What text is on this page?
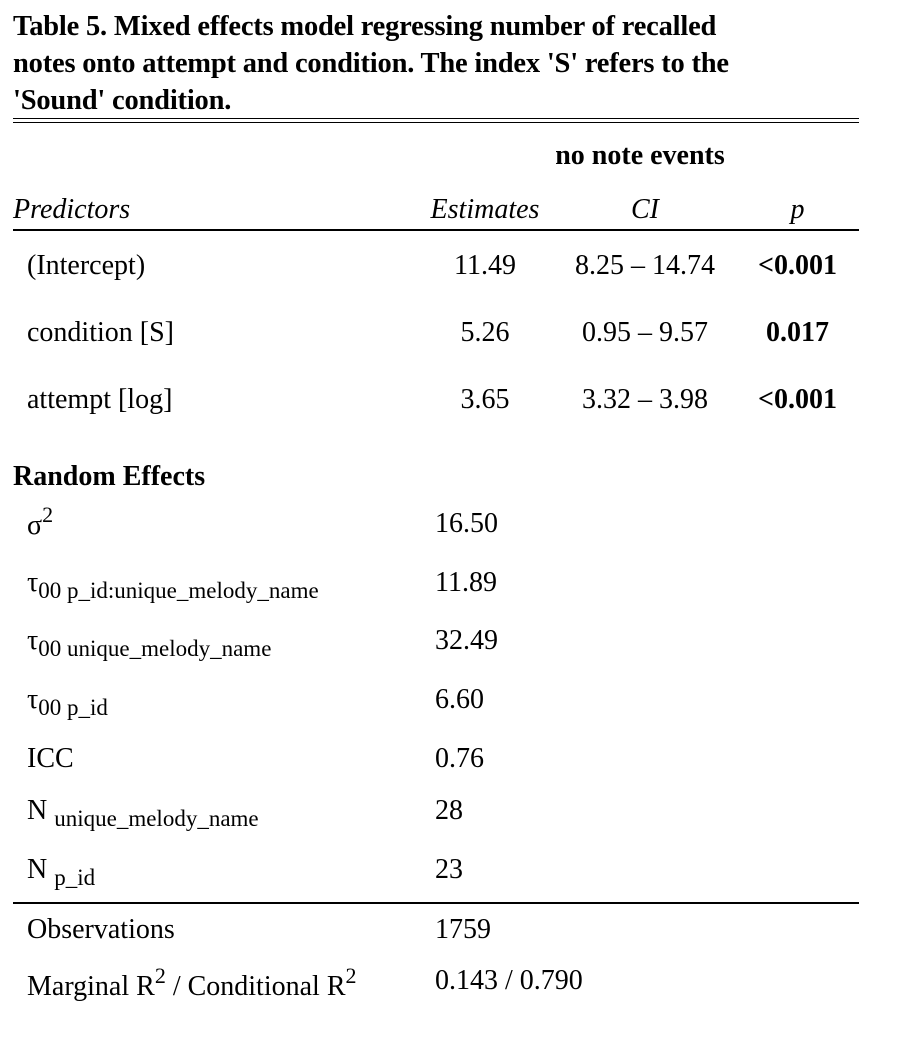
Table 5. Mixed effects model regressing number of recalled
notes onto attempt and condition. The index 'S' refers to the
'Sound' condition.
no note events
Predictors	Estimates	CI	p
(Intercept)	11.49	8.25 – 14.74	<0.001
condition [S]	5.26	0.95 – 9.57	0.017
attempt [log]	3.65	3.32 – 3.98	<0.001
Random Effects
$\sigma^2$	16.50
$\tau_{00 p\_id:unique\_melody\_name}$	11.89
$\tau_{00 unique\_melody\_name}$	32.49
$\tau_{00 p\_id}$	6.60
ICC	0.76
N $_{unique\_melody\_name}$	28
N $_{p\_id}$	23
Observations	1759
Marginal $R^2$ / Conditional $R^2$	0.143 / 0.790
